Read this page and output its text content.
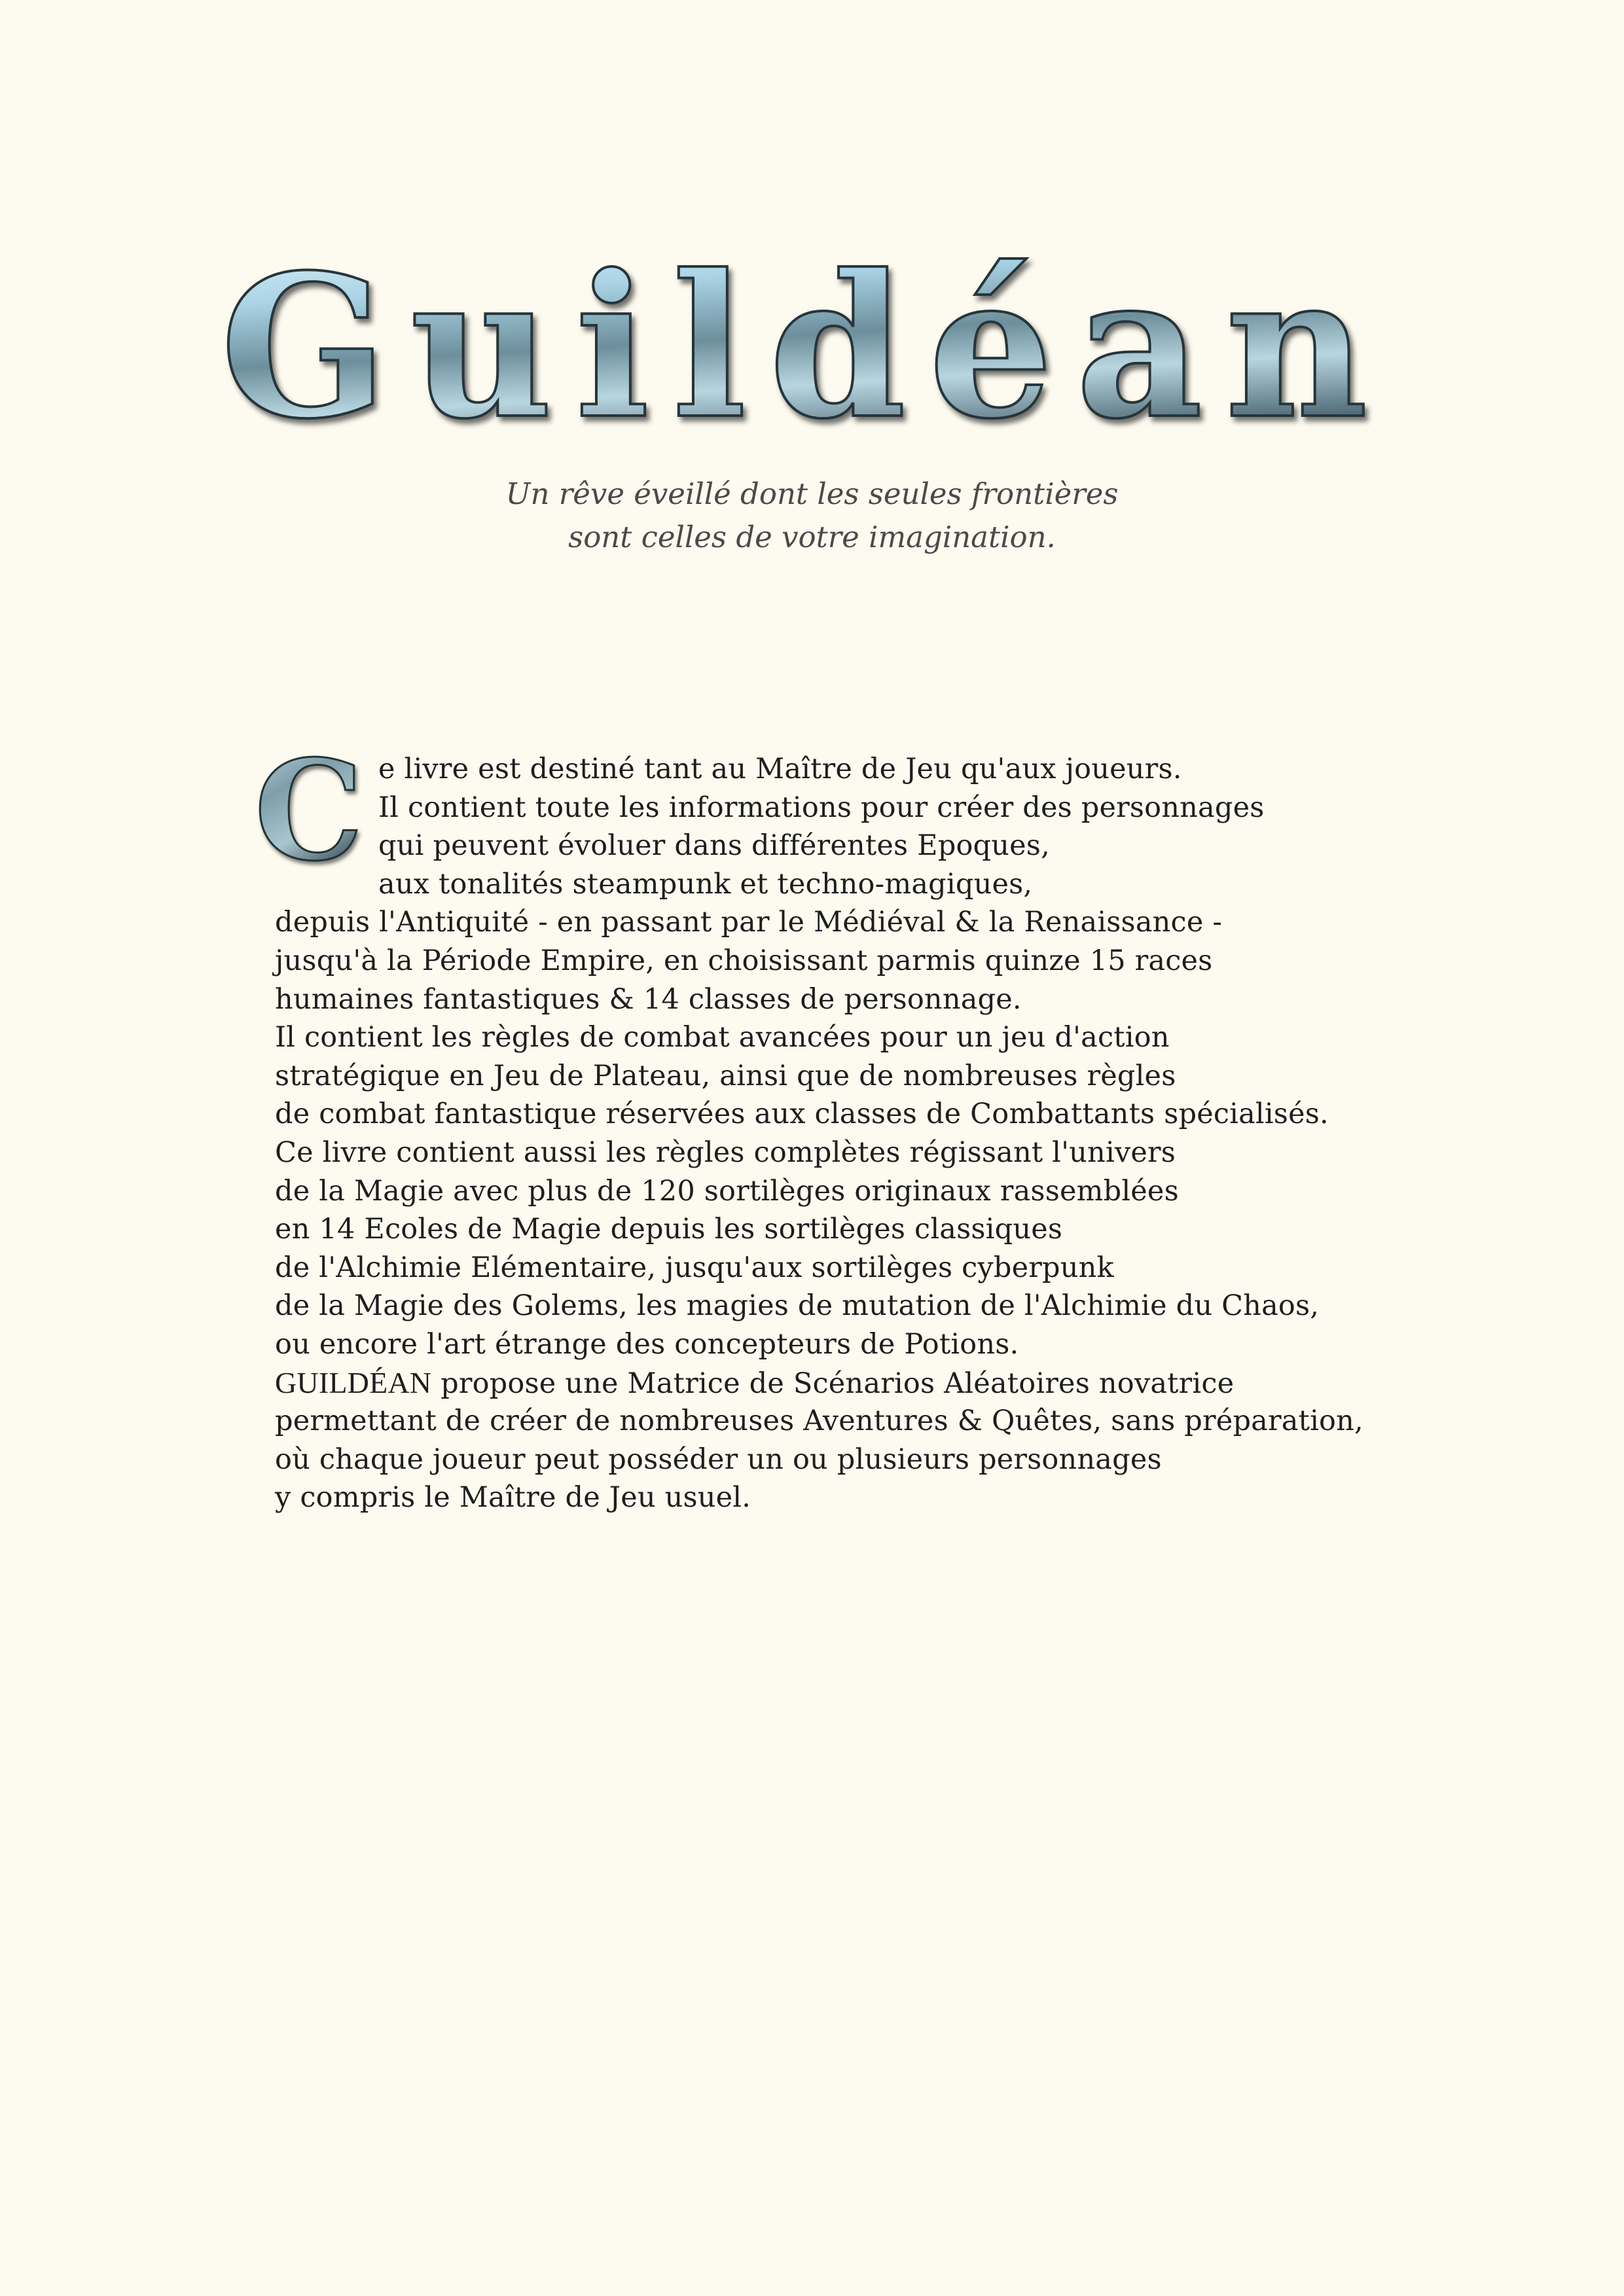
Guildéan
Un rêve éveillé dont les seules frontières
sont celles de votre imagination.
C e livre est destiné tant au Maître de Jeu qu'aux joueurs.
Il contient toute les informations pour créer des personnages
qui peuvent évoluer dans différentes Epoques,
aux tonalités steampunk et techno-magiques,
depuis l'Antiquité - en passant par le Médiéval & la Renaissance -
jusqu'à la Période Empire, en choisissant parmis quinze 15 races
humaines fantastiques & 14 classes de personnage.
Il contient les règles de combat avancées pour un jeu d'action
stratégique en Jeu de Plateau, ainsi que de nombreuses règles
de combat fantastique réservées aux classes de Combattants spécialisés.
Ce livre contient aussi les règles complètes régissant l'univers
de la Magie avec plus de 120 sortilèges originaux rassemblées
en 14 Ecoles de Magie depuis les sortilèges classiques
de l'Alchimie Elémentaire, jusqu'aux sortilèges cyberpunk
de la Magie des Golems, les magies de mutation de l'Alchimie du Chaos,
ou encore l'art étrange des concepteurs de Potions.
GUILDÉAN propose une Matrice de Scénarios Aléatoires novatrice
permettant de créer de nombreuses Aventures & Quêtes, sans préparation,
où chaque joueur peut posséder un ou plusieurs personnages
y compris le Maître de Jeu usuel.
